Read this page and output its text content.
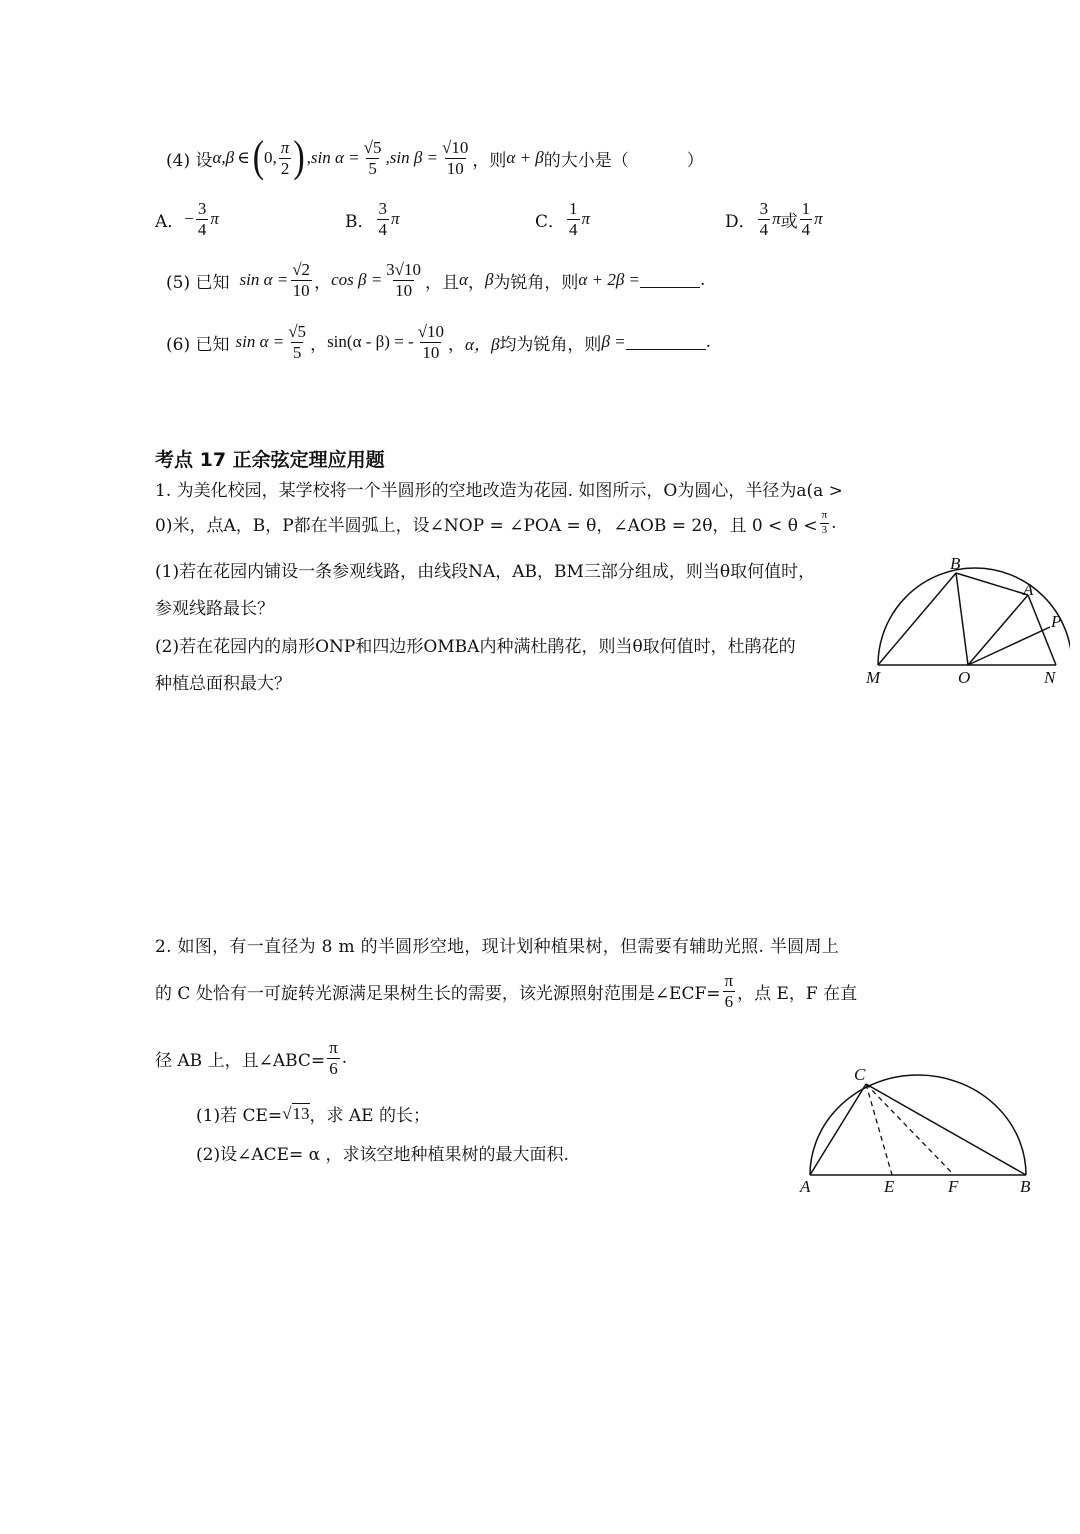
(4) 设 α,β ∈ ( 0, $\frac{\pi}{2}$ ) , $\sin \alpha = \frac{√5}{5}$ , $\sin \beta = \frac{√10}{10}$ ，则 α + β 的大小是（	）
A． − $\frac{3}{4}$ π	B． $\frac{3}{4}$ π	C． $\frac{1}{4}$ π	D． $\frac{3}{4}$ π 或 $\frac{1}{4}$ π
(5) 已知 $\sin \alpha = \frac{√2}{10}$ ， $\cos \beta = \frac{3√10}{10}$ ，且 α ， β 为锐角，则 α + 2β =	.
(6) 已知 $\sin \alpha = \frac{√5}{5}$ ， sin(α - β) = - $\frac{√10}{10}$ ， α，β 均为锐角，则 β =	.
考点 17 正余弦定理应用题
1. 为美化校园，某学校将一个半圆形的空地改造为花园. 如图所示，O为圆心，半径为a(a >
0)米，点A，B，P都在半圆弧上，设∠NOP = ∠POA = θ，∠AOB = 2θ，且 $0 < \theta < \frac{\pi}{3}$ .
(1)若在花园内铺设一条参观线路，由线段NA，AB，BM三部分组成，则当θ取何值时，
参观线路最长？
(2)若在花园内的扇形ONP和四边形OMBA内种满杜鹃花，则当θ取何值时，杜鹃花的
种植总面积最大？
B
A
P
M	O	N
2. 如图，有一直径为 8 m 的半圆形空地，现计划种植果树，但需要有辅助光照. 半圆周上
的 C 处恰有一可旋转光源满足果树生长的需要，该光源照射范围是∠ECF= $\frac{\pi}{6}$ ，点 E，F 在直
径 AB 上，且∠ABC= $\frac{\pi}{6}$ .
(1)若 CE= √ 13 ，求 AE 的长；
(2)设∠ACE= α ，求该空地种植果树的最大面积.
C
A	E	F	B
